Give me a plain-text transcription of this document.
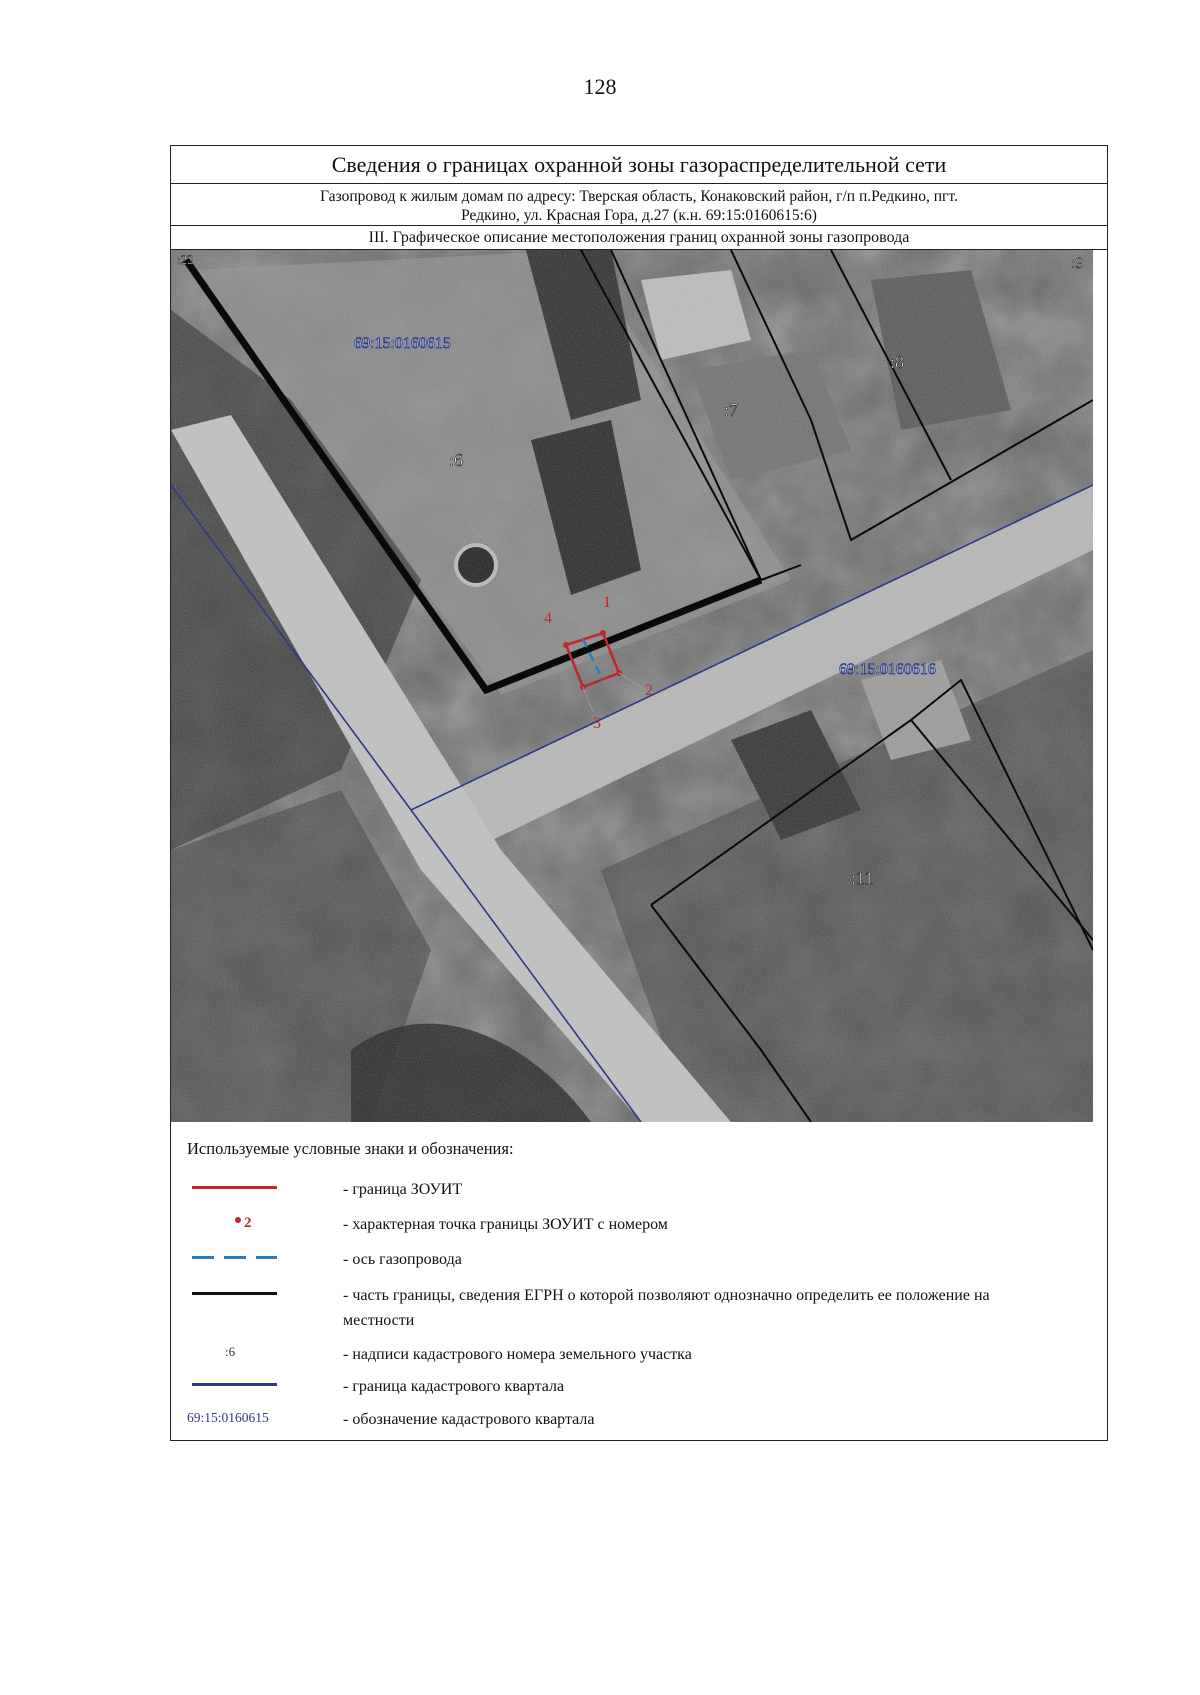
128
Сведения о границах охранной зоны газораспределительной сети
Газопровод к жилым домам по адресу: Тверская область, Конаковский район, г/п п.Редкино, пгт.
Редкино, ул. Красная Гора, д.27 (к.н. 69:15:0160615:6)
III. Графическое описание местоположения границ охранной зоны газопровода
1
2
3
4
69:15:0160615
69:15:0160616
:6
:7
:8
:9
:11
:22
Используемые условные знаки и обозначения:
- граница ЗОУИТ
2	- характерная точка границы ЗОУИТ с номером
- ось газопровода
- часть границы, сведения ЕГРН о которой позволяют однозначно определить ее положение на местности
:6	- надписи кадастрового номера земельного участка
- граница кадастрового квартала
69:15:0160615	- обозначение кадастрового квартала
